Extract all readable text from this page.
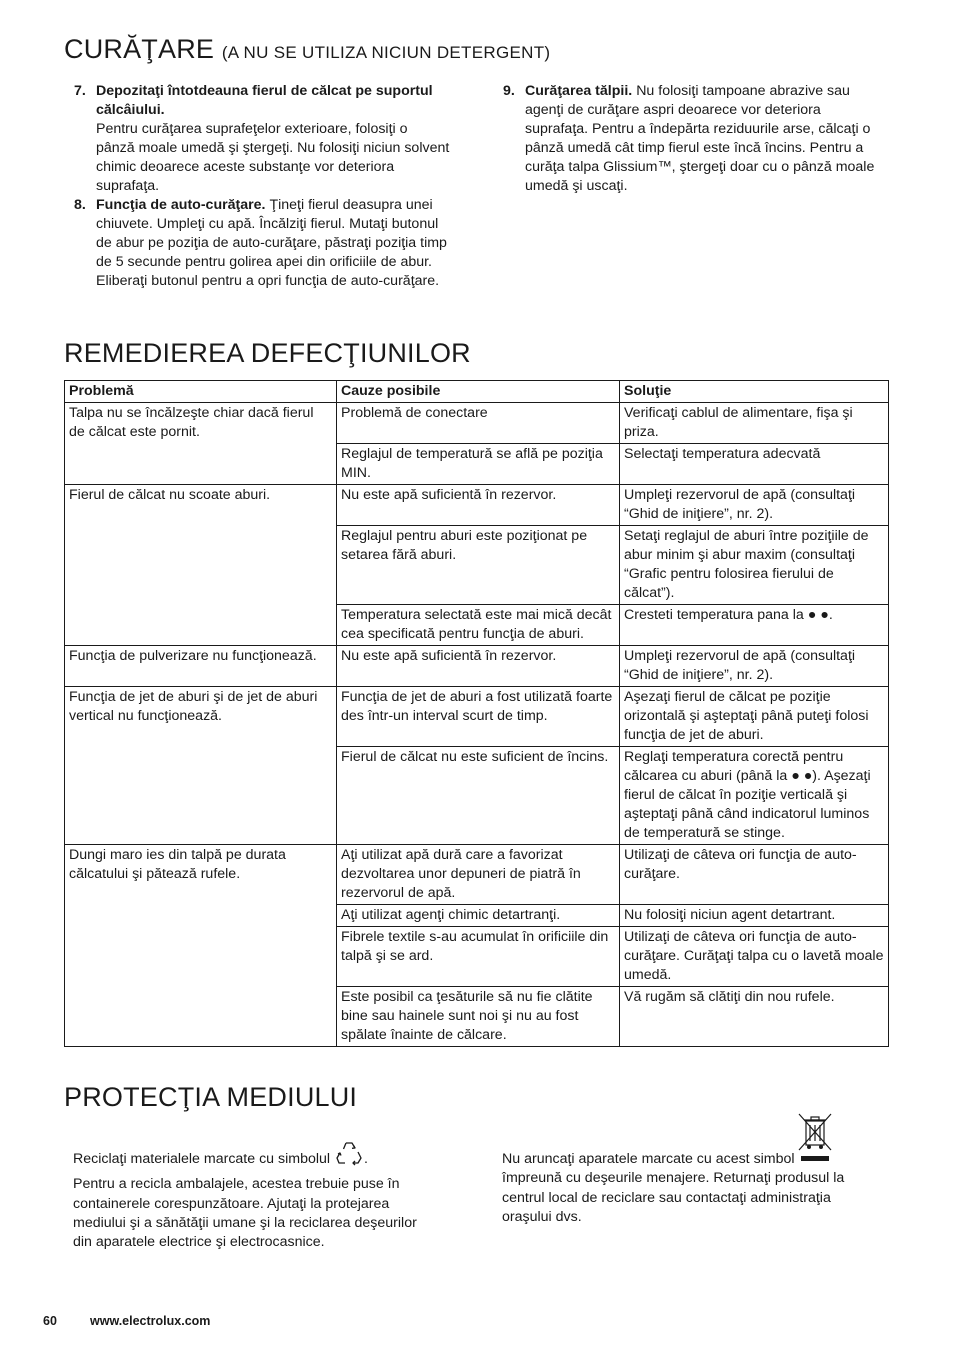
CURĂŢARE (A NU SE UTILIZA NICIUN DETERGENT)
7. Depozitaţi întotdeauna fierul de călcat pe suportul călcâiului.
Pentru curăţarea suprafeţelor exterioare, folosiţi o pânză moale umedă şi ştergeţi. Nu folosiţi niciun solvent chimic deoarece aceste substanţe vor deteriora suprafaţa.
8. Funcţia de auto-curăţare. Ţineţi fierul deasupra unei chiuvete. Umpleţi cu apă. Încălziţi fierul. Mutaţi butonul de abur pe poziţia de auto-curăţare, păstraţi poziţia timp de 5 secunde pentru golirea apei din orificiile de abur. Eliberaţi butonul pentru a opri funcţia de auto-curăţare.
9. Curăţarea tălpii. Nu folosiţi tampoane abrazive sau agenţi de curăţare aspri deoarece vor deteriora suprafaţa. Pentru a îndepărta reziduurile arse, călcaţi o pânză umedă cât timp fierul este încă încins. Pentru a curăţa talpa Glissium™, ştergeţi doar cu o pânză moale umedă şi uscaţi.
REMEDIEREA DEFECŢIUNILOR
Problemă	Cauze posibile	Soluţie
Talpa nu se încălzeşte chiar dacă fierul de călcat este pornit.	Problemă de conectare	Verificaţi cablul de alimentare, fişa şi priza.
	Reglajul de temperatură se află pe poziţia MIN.	Selectaţi temperatura adecvată
Fierul de călcat nu scoate aburi.	Nu este apă suficientă în rezervor.	Umpleţi rezervorul de apă (consultaţi “Ghid de iniţiere”, nr. 2).
	Reglajul pentru aburi este poziţionat pe setarea fără aburi.	Setaţi reglajul de aburi între poziţiile de abur minim şi abur maxim (consultaţi “Grafic pentru folosirea fierului de călcat”).
	Temperatura selectată este mai mică decât cea specificată pentru funcţia de aburi.	Cresteti temperatura pana la ● ●.
Funcţia de pulverizare nu funcţionează.	Nu este apă suficientă în rezervor.	Umpleţi rezervorul de apă (consultaţi “Ghid de iniţiere”, nr. 2).
Funcţia de jet de aburi şi de jet de aburi vertical nu funcţionează.	Funcţia de jet de aburi a fost utilizată foarte des într-un interval scurt de timp.	Aşezaţi fierul de călcat pe poziţie orizontală şi aşteptaţi până puteţi folosi funcţia de jet de aburi.
	Fierul de călcat nu este suficient de încins.	Reglaţi temperatura corectă pentru călcarea cu aburi (până la ● ●). Aşezaţi fierul de călcat în poziţie verticală şi aşteptaţi până când indicatorul luminos de temperatură se stinge.
Dungi maro ies din talpă pe durata călcatului şi pătează rufele.	Aţi utilizat apă dură care a favorizat dezvoltarea unor depuneri de piatră în rezervorul de apă.	Utilizaţi de câteva ori funcţia de auto-curăţare.
	Aţi utilizat agenţi chimic detartranţi.	Nu folosiţi niciun agent detartrant.
	Fibrele textile s-au acumulat în orificiile din talpă şi se ard.	Utilizaţi de câteva ori funcţia de auto-curăţare. Curăţaţi talpa cu o lavetă moale umedă.
	Este posibil ca ţesăturile să nu fie clătite bine sau hainele sunt noi şi nu au fost spălate înainte de călcare.	Vă rugăm să clătiţi din nou rufele.
PROTECŢIA MEDIULUI
Reciclaţi materialele marcate cu simbolul .
Pentru a recicla ambalajele, acestea trebuie puse în containerele corespunzătoare. Ajutaţi la protejarea mediului şi a sănătăţii umane şi la reciclarea deşeurilor din aparatele electrice şi electrocasnice.
Nu aruncaţi aparatele marcate cu acest simbol

împreună cu deşeurile menajere. Returnaţi produsul la centrul local de reciclare sau contactaţi administraţia oraşului dvs.
60	www.electrolux.com
